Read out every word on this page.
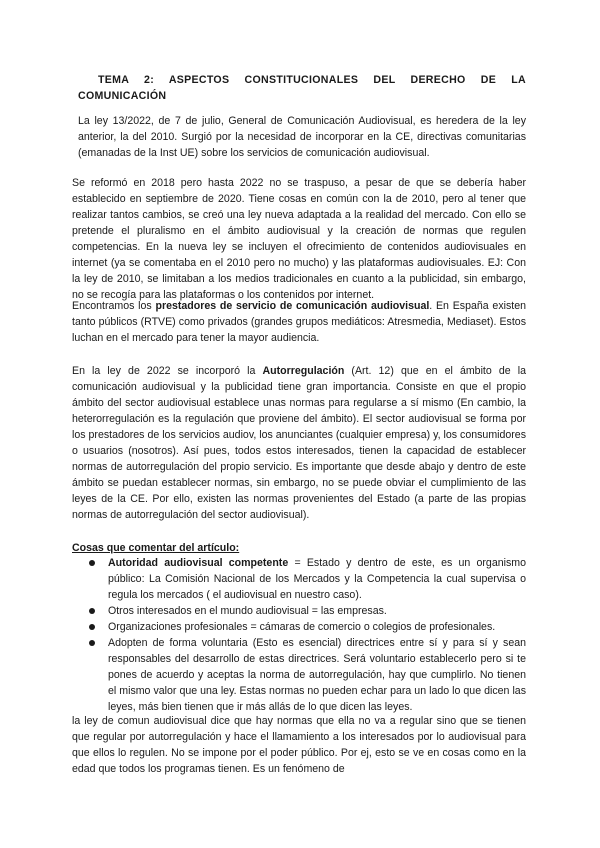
TEMA 2: ASPECTOS CONSTITUCIONALES DEL DERECHO DE LA COMUNICACIÓN

La ley 13/2022, de 7 de julio, General de Comunicación Audiovisual, es heredera de la ley anterior, la del 2010. Surgió por la necesidad de incorporar en la CE, directivas comunitarias (emanadas de la Inst UE) sobre los servicios de comunicación audiovisual.

Se reformó en 2018 pero hasta 2022 no se traspuso, a pesar de que se debería haber establecido en septiembre de 2020. Tiene cosas en común con la de 2010, pero al tener que realizar tantos cambios, se creó una ley nueva adaptada a la realidad del mercado. Con ello se pretende el pluralismo en el ámbito audiovisual y la creación de normas que regulen competencias. En la nueva ley se incluyen el ofrecimiento de contenidos audiovisuales en internet (ya se comentaba en el 2010 pero no mucho) y las plataformas audiovisuales. EJ: Con la ley de 2010, se limitaban a los medios tradicionales en cuanto a la publicidad, sin embargo, no se recogía para las plataformas o los contenidos por internet.

Encontramos los prestadores de servicio de comunicación audiovisual. En España existen tanto públicos (RTVE) como privados (grandes grupos mediáticos: Atresmedia, Mediaset). Estos luchan en el mercado para tener la mayor audiencia.

En la ley de 2022 se incorporó la Autorregulación (Art. 12) que en el ámbito de la comunicación audiovisual y la publicidad tiene gran importancia. Consiste en que el propio ámbito del sector audiovisual establece unas normas para regularse a sí mismo (En cambio, la heterorregulación es la regulación que proviene del ámbito). El sector audiovisual se forma por los prestadores de los servicios audiov, los anunciantes (cualquier empresa) y, los consumidores o usuarios (nosotros). Así pues, todos estos interesados, tienen la capacidad de establecer normas de autorregulación del propio servicio. Es importante que desde abajo y dentro de este ámbito se puedan establecer normas, sin embargo, no se puede obviar el cumplimiento de las leyes de la CE. Por ello, existen las normas provenientes del Estado (a parte de las propias normas de autorregulación del sector audiovisual).

Cosas que comentar del artículo:

Autoridad audiovisual competente = Estado y dentro de este, es un organismo público: La Comisión Nacional de los Mercados y la Competencia la cual supervisa o regula los mercados ( el audiovisual en nuestro caso).
Otros interesados en el mundo audiovisual = las empresas.
Organizaciones profesionales = cámaras de comercio o colegios de profesionales.
Adopten de forma voluntaria (Esto es esencial) directrices entre sí y para sí y sean responsables del desarrollo de estas directrices. Será voluntario establecerlo pero si te pones de acuerdo y aceptas la norma de autorregulación, hay que cumplirlo. No tienen el mismo valor que una ley. Estas normas no pueden echar para un lado lo que dicen las leyes, más bien tienen que ir más allás de lo que dicen las leyes.

la ley de comun audiovisual dice que hay normas que ella no va a regular sino que se tienen que regular por autorregulación y hace el llamamiento a los interesados por lo audiovisual para que ellos lo regulen. No se impone por el poder público. Por ej, esto se ve en cosas como en la edad que todos los programas tienen. Es un fenómeno de
